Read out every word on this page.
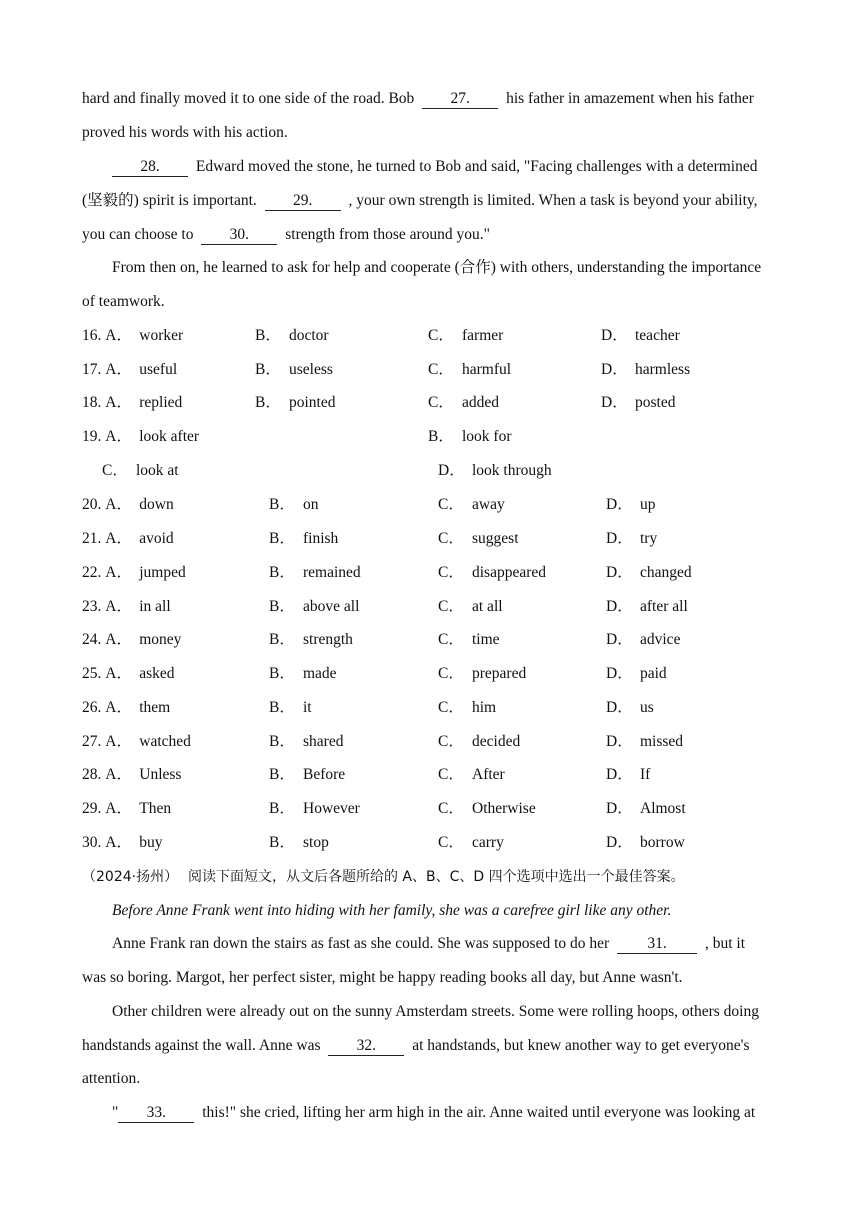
hard and finally moved it to one side of the road. Bob 27. his father in amazement when his father
proved his words with his action.
28. Edward moved the stone, he turned to Bob and said, "Facing challenges with a determined
(坚毅的) spirit is important. 29. , your own strength is limited. When a task is beyond your ability,
you can choose to 30. strength from those around you."
From then on, he learned to ask for help and cooperate (合作) with others, understanding the importance
of teamwork.
16. A． worker	B． doctor	C． farmer	D． teacher
17. A． useful	B． useless	C． harmful	D． harmless
18. A． replied	B． pointed	C． added	D． posted
19. A． look after	B． look for
C． look at	D． look through
20. A． down	B． on	C． away	D． up
21. A． avoid	B． finish	C． suggest	D． try
22. A． jumped	B． remained	C． disappeared	D． changed
23. A． in all	B． above all	C． at all	D． after all
24. A． money	B． strength	C． time	D． advice
25. A． asked	B． made	C． prepared	D． paid
26. A． them	B． it	C． him	D． us
27. A． watched	B． shared	C． decided	D． missed
28. A． Unless	B． Before	C． After	D． If
29. A． Then	B． However	C． Otherwise	D． Almost
30. A． buy	B． stop	C． carry	D． borrow
（2024·扬州） 阅读下面短文，从文后各题所给的 A、B、C、D 四个选项中选出一个最佳答案。
Before Anne Frank went into hiding with her family, she was a carefree girl like any other.
Anne Frank ran down the stairs as fast as she could. She was supposed to do her 31. , but it
was so boring. Margot, her perfect sister, might be happy reading books all day, but Anne wasn't.
Other children were already out on the sunny Amsterdam streets. Some were rolling hoops, others doing
handstands against the wall. Anne was 32. at handstands, but knew another way to get everyone's
attention.
" 33. this!" she cried, lifting her arm high in the air. Anne waited until everyone was looking at
